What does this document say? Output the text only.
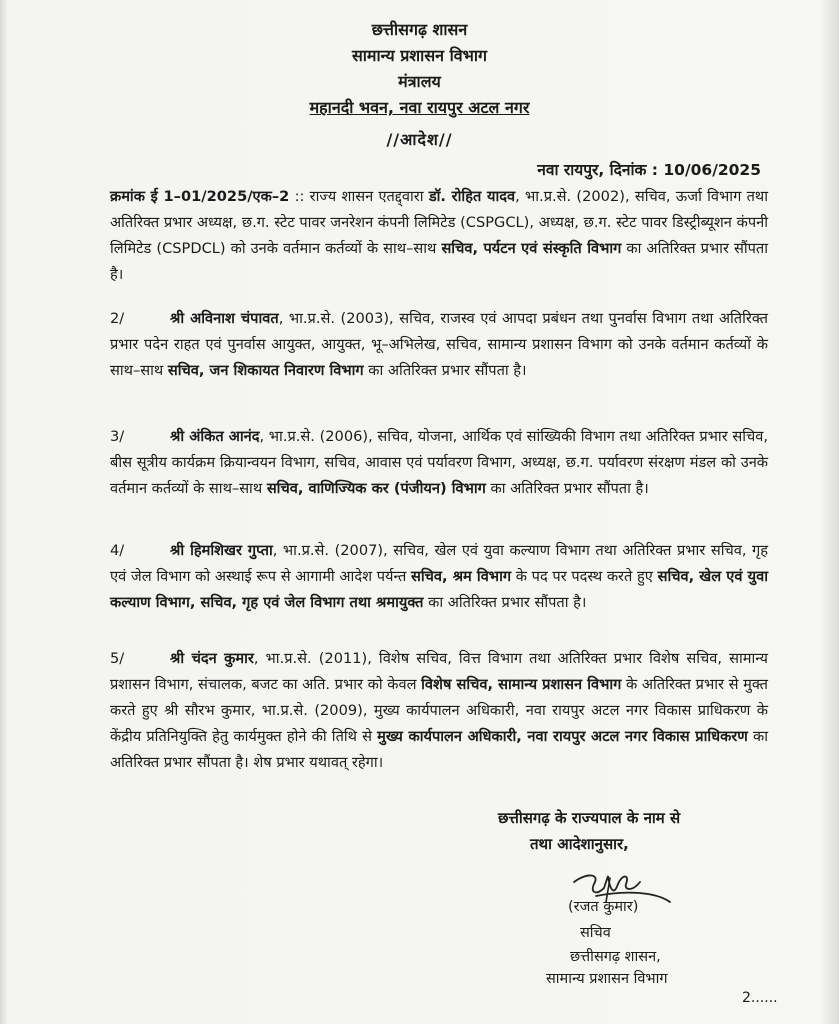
छत्तीसगढ़ शासन
सामान्य प्रशासन विभाग
मंत्रालय
महानदी भवन, नवा रायपुर अटल नगर
//आदेश//
नवा रायपुर, दिनांक : 10/06/2025
क्रमांक ई 1–01/2025/एक–2 :: राज्य शासन एतद्द्वारा डॉ. रोहित यादव, भा.प्र.से. (2002), सचिव, ऊर्जा विभाग तथा अतिरिक्त प्रभार अध्यक्ष, छ.ग. स्टेट पावर जनरेशन कंपनी लिमिटेड (CSPGCL), अध्यक्ष, छ.ग. स्टेट पावर डिस्ट्रीब्यूशन कंपनी लिमिटेड (CSPDCL) को उनके वर्तमान कर्तव्यों के साथ–साथ सचिव, पर्यटन एवं संस्कृति विभाग का अतिरिक्त प्रभार सौंपता है।
2/	श्री अविनाश चंपावत, भा.प्र.से. (2003), सचिव, राजस्व एवं आपदा प्रबंधन तथा पुनर्वास विभाग तथा अतिरिक्त प्रभार पदेन राहत एवं पुनर्वास आयुक्त, आयुक्त, भू–अभिलेख, सचिव, सामान्य प्रशासन विभाग को उनके वर्तमान कर्तव्यों के साथ–साथ सचिव, जन शिकायत निवारण विभाग का अतिरिक्त प्रभार सौंपता है।
3/	श्री अंकित आनंद, भा.प्र.से. (2006), सचिव, योजना, आर्थिक एवं सांख्यिकी विभाग तथा अतिरिक्त प्रभार सचिव, बीस सूत्रीय कार्यक्रम क्रियान्वयन विभाग, सचिव, आवास एवं पर्यावरण विभाग, अध्यक्ष, छ.ग. पर्यावरण संरक्षण मंडल को उनके वर्तमान कर्तव्यों के साथ–साथ सचिव, वाणिज्यिक कर (पंजीयन) विभाग का अतिरिक्त प्रभार सौंपता है।
4/	श्री हिमशिखर गुप्ता, भा.प्र.से. (2007), सचिव, खेल एवं युवा कल्याण विभाग तथा अतिरिक्त प्रभार सचिव, गृह एवं जेल विभाग को अस्थाई रूप से आगामी आदेश पर्यन्त सचिव, श्रम विभाग के पद पर पदस्थ करते हुए सचिव, खेल एवं युवा कल्याण विभाग, सचिव, गृह एवं जेल विभाग तथा श्रमायुक्त का अतिरिक्त प्रभार सौंपता है।
5/	श्री चंदन कुमार, भा.प्र.से. (2011), विशेष सचिव, वित्त विभाग तथा अतिरिक्त प्रभार विशेष सचिव, सामान्य प्रशासन विभाग, संचालक, बजट का अति. प्रभार को केवल विशेष सचिव, सामान्य प्रशासन विभाग के अतिरिक्त प्रभार से मुक्त करते हुए श्री सौरभ कुमार, भा.प्र.से. (2009), मुख्य कार्यपालन अधिकारी, नवा रायपुर अटल नगर विकास प्राधिकरण के केंद्रीय प्रतिनियुक्ति हेतु कार्यमुक्त होने की तिथि से मुख्य कार्यपालन अधिकारी, नवा रायपुर अटल नगर विकास प्राधिकरण का अतिरिक्त प्रभार सौंपता है। शेष प्रभार यथावत् रहेगा।
छत्तीसगढ़ के राज्यपाल के नाम से
तथा आदेशानुसार,
(रजत कुमार)
सचिव
छत्तीसगढ़ शासन,
सामान्य प्रशासन विभाग
2......
